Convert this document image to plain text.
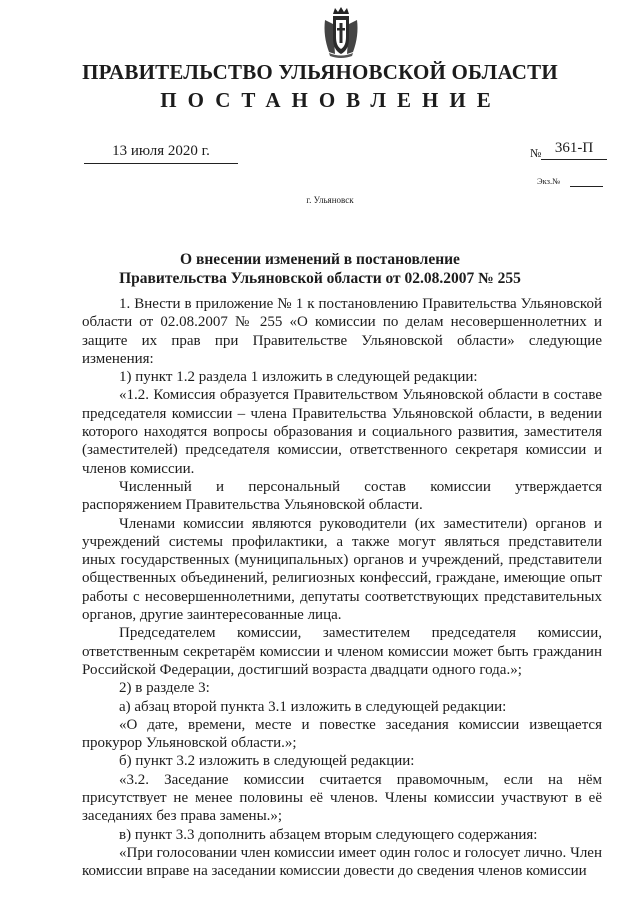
ПРАВИТЕЛЬСТВО УЛЬЯНОВСКОЙ ОБЛАСТИ
ПОСТАНОВЛЕНИЕ
13 июля 2020 г.	№ 361-П
Экз.№
г. Ульяновск
О внесении изменений в постановление
Правительства Ульяновской области от 02.08.2007 № 255

1. Внести в приложение № 1 к постановлению Правительства Ульяновской области от 02.08.2007 № 255 «О комиссии по делам несовершеннолетних и защите их прав при Правительстве Ульяновской области» следующие изменения:

1) пункт 1.2 раздела 1 изложить в следующей редакции:

«1.2. Комиссия образуется Правительством Ульяновской области в составе председателя комиссии – члена Правительства Ульяновской области, в ведении которого находятся вопросы образования и социального развития, заместителя (заместителей) председателя комиссии, ответственного секретаря комиссии и членов комиссии.

Численный и персональный состав комиссии утверждается распоряжением Правительства Ульяновской области.

Членами комиссии являются руководители (их заместители) органов и учреждений системы профилактики, а также могут являться представители иных государственных (муниципальных) органов и учреждений, представители общественных объединений, религиозных конфессий, граждане, имеющие опыт работы с несовершеннолетними, депутаты соответствующих представительных органов, другие заинтересованные лица.

Председателем комиссии, заместителем председателя комиссии, ответственным секретарём комиссии и членом комиссии может быть гражданин Российской Федерации, достигший возраста двадцати одного года.»;

2) в разделе 3:

а) абзац второй пункта 3.1 изложить в следующей редакции:

«О дате, времени, месте и повестке заседания комиссии извещается прокурор Ульяновской области.»;

б) пункт 3.2 изложить в следующей редакции:

«3.2. Заседание комиссии считается правомочным, если на нём присутствует не менее половины её членов. Члены комиссии участвуют в её заседаниях без права замены.»;

в) пункт 3.3 дополнить абзацем вторым следующего содержания:

«При голосовании член комиссии имеет один голос и голосует лично. Член комиссии вправе на заседании комиссии довести до сведения членов комиссии
